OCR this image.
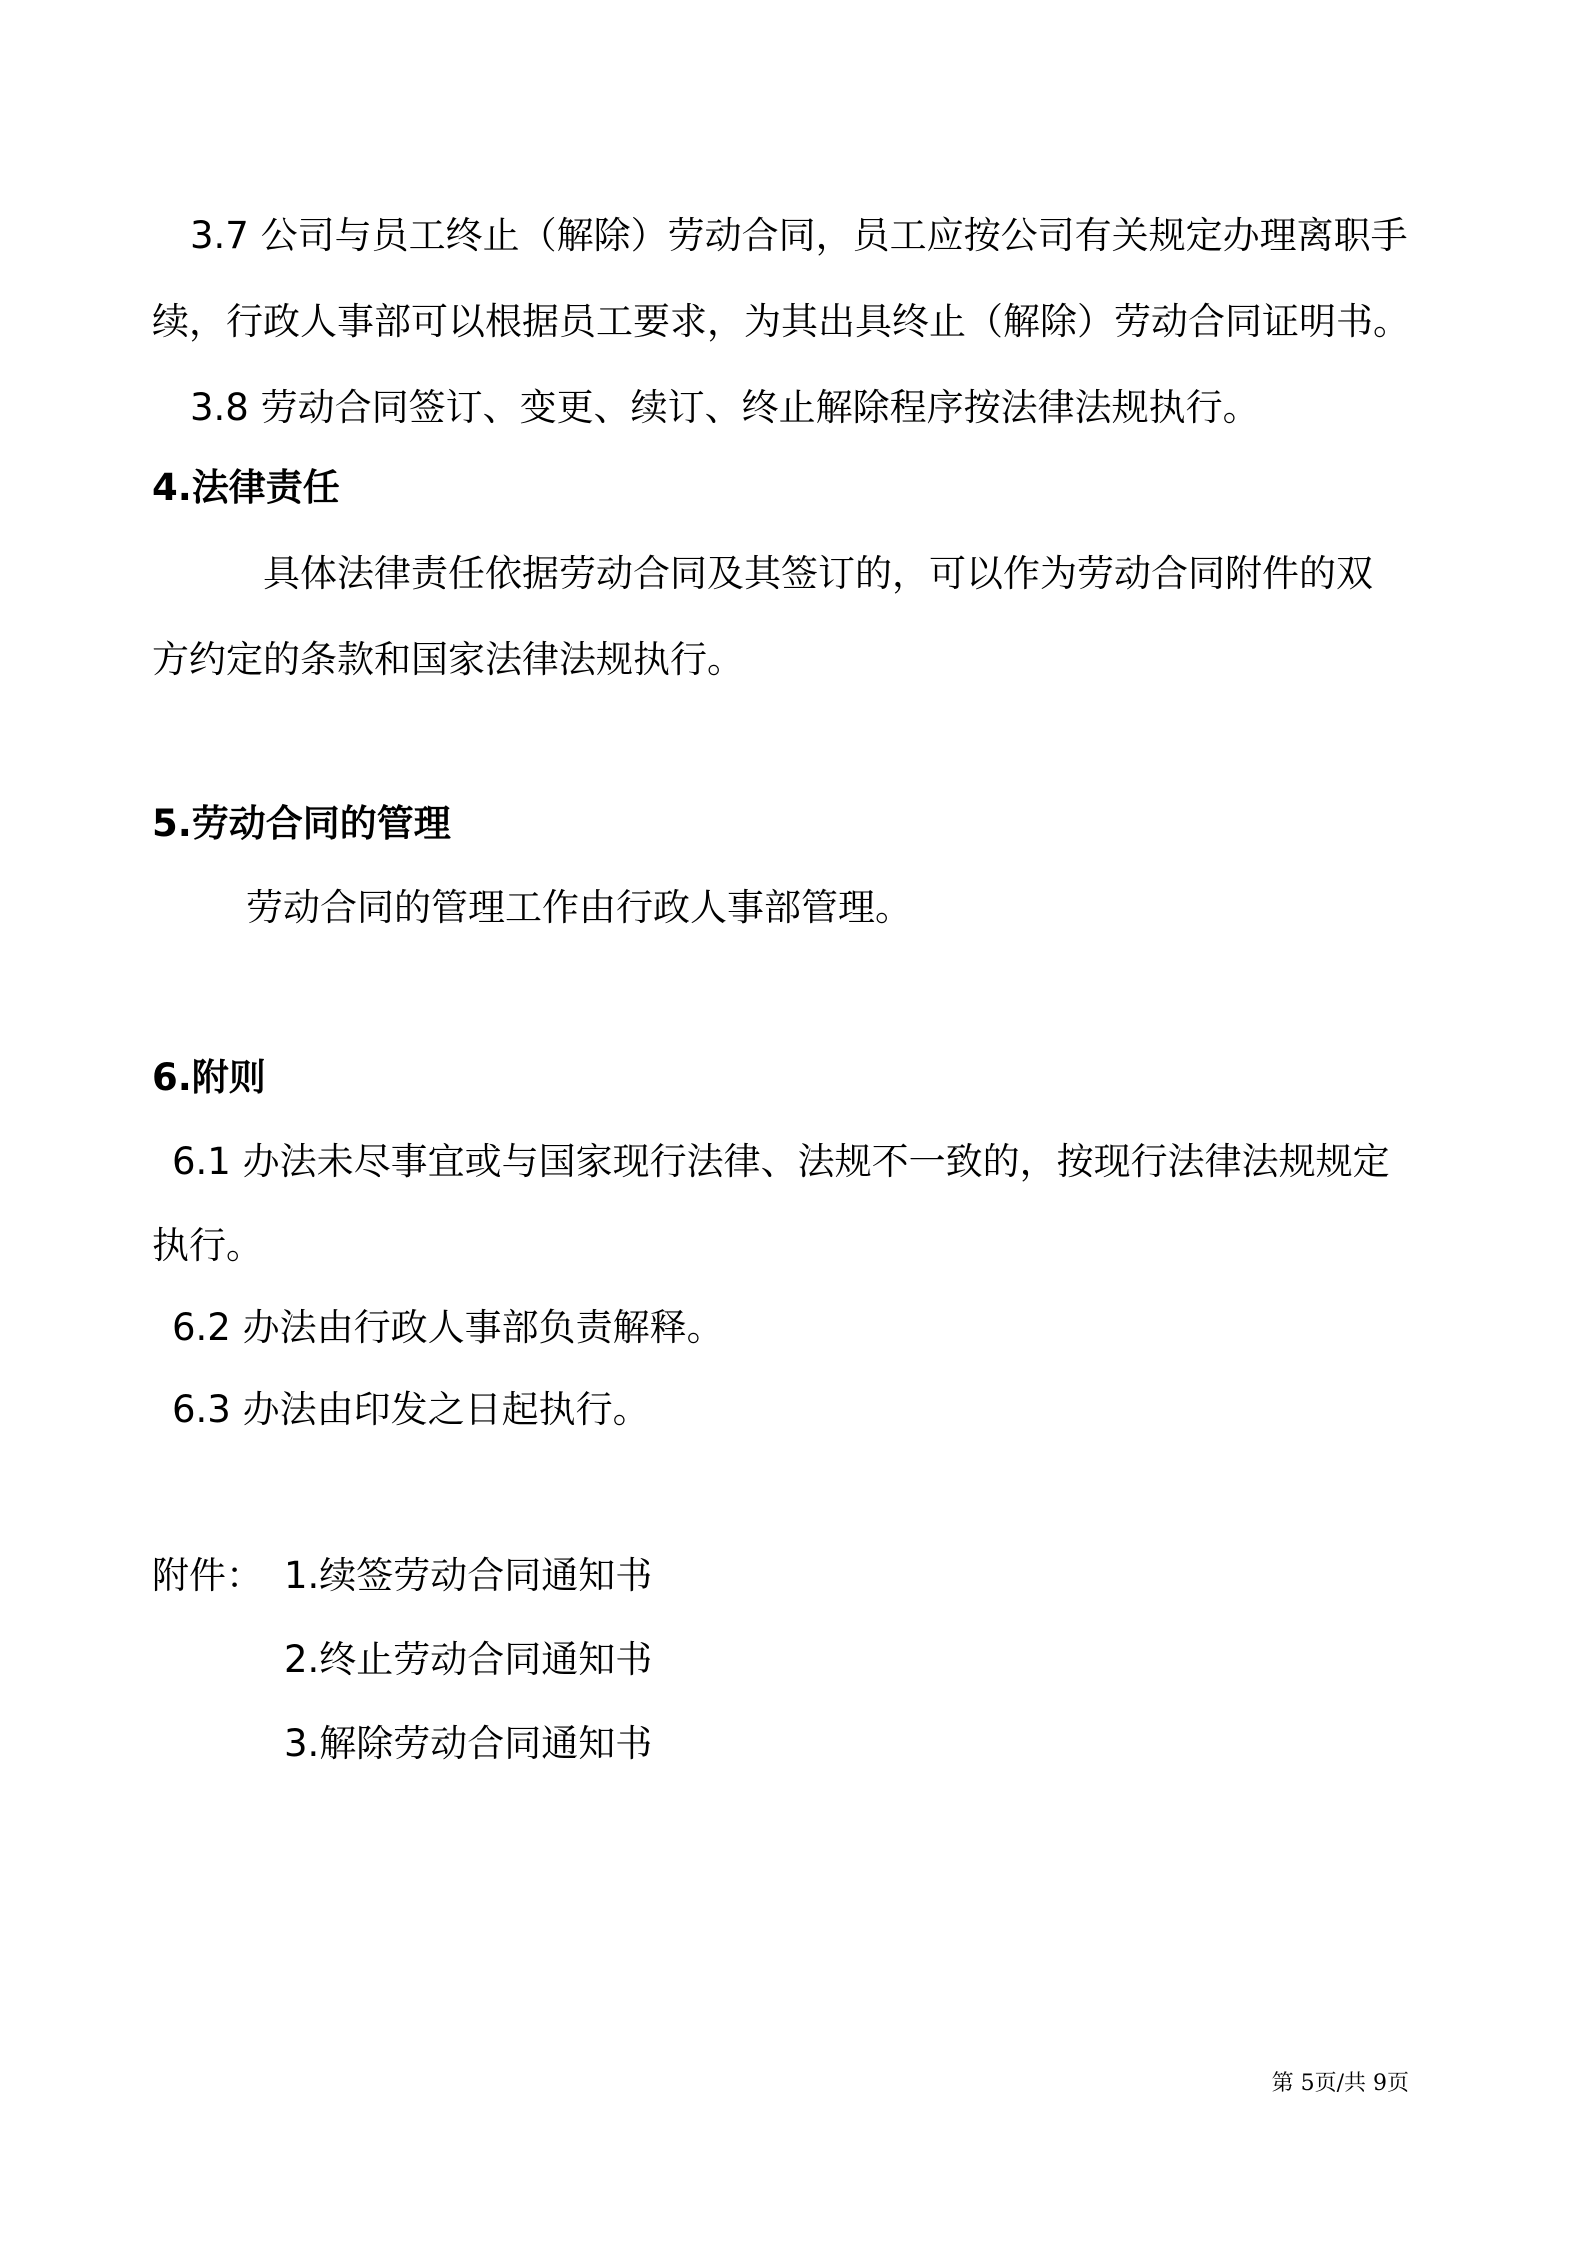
3.7 公司与员工终止（解除）劳动合同，员工应按公司有关规定办理离职手

续，行政人事部可以根据员工要求，为其出具终止（解除）劳动合同证明书。

3.8 劳动合同签订、变更、续订、终止解除程序按法律法规执行。

4.法律责任

具体法律责任依据劳动合同及其签订的，可以作为劳动合同附件的双

方约定的条款和国家法律法规执行。

5.劳动合同的管理

劳动合同的管理工作由行政人事部管理。

6.附则

6.1 办法未尽事宜或与国家现行法律、法规不一致的，按现行法律法规规定

执行。

6.2 办法由行政人事部负责解释。

6.3 办法由印发之日起执行。

附件： 1.续签劳动合同通知书

2.终止劳动合同通知书

3.解除劳动合同通知书

第 5页/共 9页
